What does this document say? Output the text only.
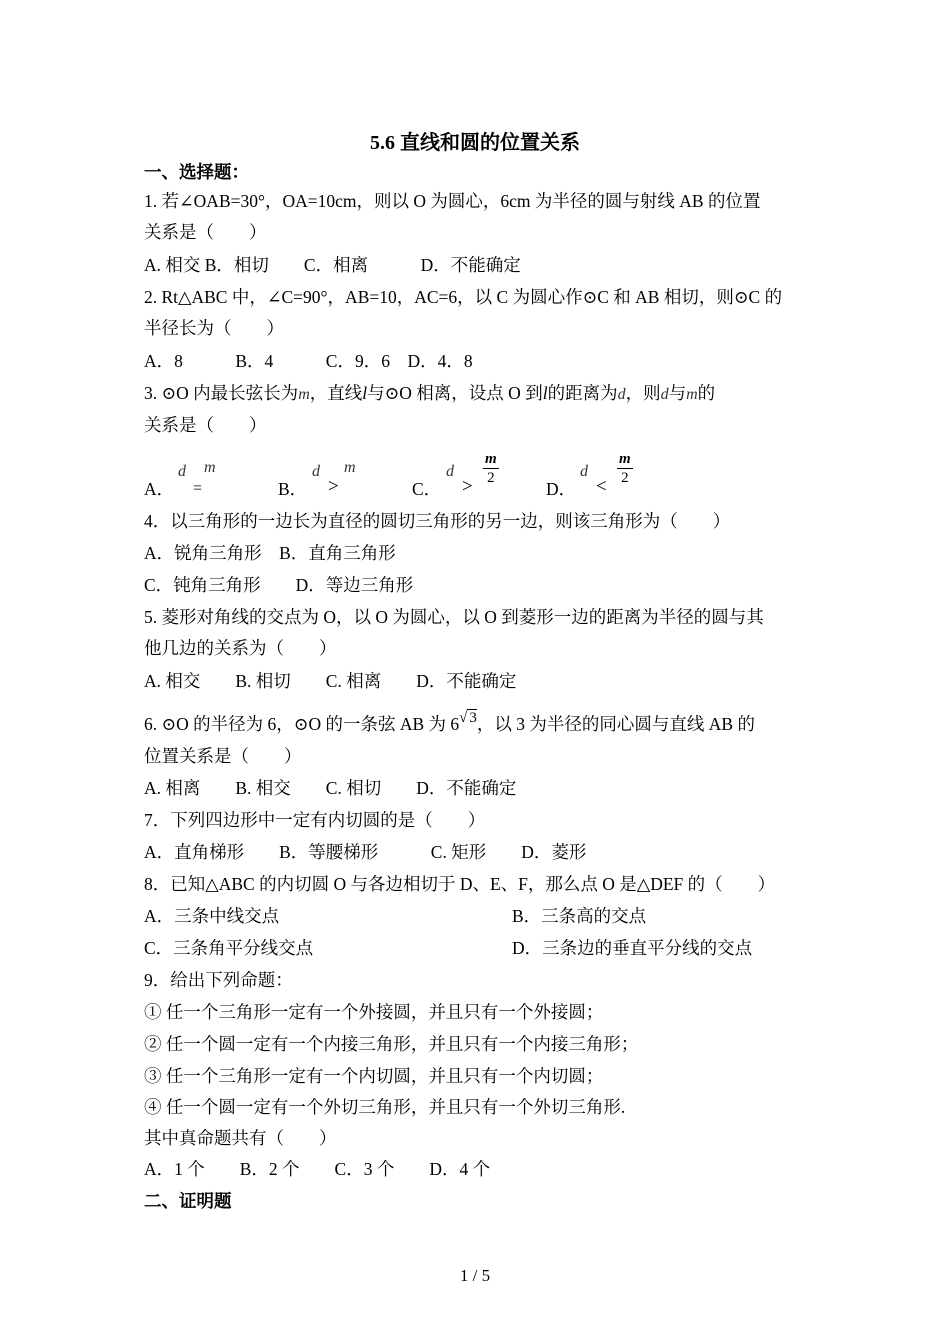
5.6 直线和圆的位置关系
一、选择题：
1. 若∠OAB=30°，OA=10cm，则以 O 为圆心，6cm 为半径的圆与射线 AB 的位置
关系是（　　）
A. 相交 B．相切　　C．相离　　　D．不能确定
2. Rt△ABC 中，∠C=90°，AB=10，AC=6，以 C 为圆心作⊙C 和 AB 相切，则⊙C 的
半径长为（　　）
A．8　　　B．4　　　C．9．6　D．4．8
3. ⊙O 内最长弦长为m，直线l与⊙O 相离，设点 O 到l的距离为d，则d与m的
关系是（　　）
A．
d m
=	B．
d m
>	C．
d
> $\frac{m}{2}$
D．
d
< $\frac{m}{2}$
4．以三角形的一边长为直径的圆切三角形的另一边，则该三角形为（　　）
A．锐角三角形　B．直角三角形
C．钝角三角形　　D．等边三角形
5. 菱形对角线的交点为 O，以 O 为圆心，以 O 到菱形一边的距离为半径的圆与其
他几边的关系为（　　）
A. 相交　　B. 相切　　C. 相离　　D．不能确定
6. ⊙O 的半径为 6，⊙O 的一条弦 AB 为 6√ 3，以 3 为半径的同心圆与直线 AB 的
位置关系是（　　）
A. 相离　　B. 相交　　C. 相切　　D．不能确定
7．下列四边形中一定有内切圆的是（　　）
A．直角梯形　　B．等腰梯形　　　C. 矩形　　D．菱形
8．已知△ABC 的内切圆 O 与各边相切于 D、E、F，那么点 O 是△DEF 的（　　）
A．三条中线交点	B．三条高的交点
C．三条角平分线交点	D．三条边的垂直平分线的交点
9．给出下列命题：
① 任一个三角形一定有一个外接圆，并且只有一个外接圆；
② 任一个圆一定有一个内接三角形，并且只有一个内接三角形；
③ 任一个三角形一定有一个内切圆，并且只有一个内切圆；
④ 任一个圆一定有一个外切三角形，并且只有一个外切三角形.
其中真命题共有（　　）
A．1 个　　B．2 个　　C．3 个　　D．4 个
二、证明题
1 / 5
